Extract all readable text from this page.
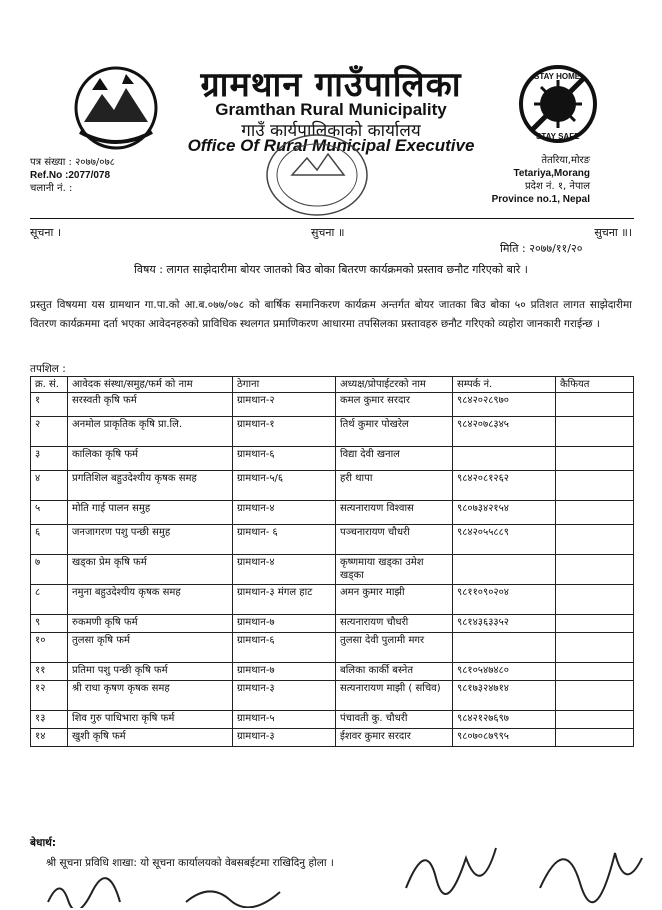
STAY HOME
STAY SAFE
ग्रामथान गाउँपालिका
Gramthan Rural Municipality
गाउँ कार्यपालिकाको कार्यालय
Office Of Rural Municipal Executive
पत्र संख्या : २०७७/०७८
Ref.No :2077/078
चलानी नं. :
तेतरिया,मोरङ
Tetariya,Morang
प्रदेश नं. १, नेपाल
Province no.1, Nepal
सूचना ।	सुचना ॥	सुचना ॥।
मिति : २०७७/११/२०
विषय : लागत साझेदारीमा बोयर जातको बिउ बोका बितरण कार्यक्रमको प्रस्ताव छनौट गरिएको बारे ।
प्रस्तुत विषयमा यस ग्रामथान गा.पा.को आ.ब.०७७/०७८ को बार्षिक समानिकरण कार्यक्रम अन्तर्गत बोयर जातका बिउ बोका ५० प्रतिशत लागत साझेदारीमा वितरण कार्यक्रममा दर्ता भएका आवेदनहरुको प्राविधिक स्थलगत प्रमाणिकरण आधारमा तपसिलका प्रस्तावहरु छनौट गरिएको व्यहोरा जानकारी गराईन्छ ।
तपशिल :
क्र. सं.	आवेदक संस्था/समुह/फर्म को नाम	ठेगाना	अध्यक्ष/प्रोपाईटरको नाम	सम्पर्क नं.	कैफियत
१	सरस्वती कृषि फर्म	ग्रामथान-२	कमल कुमार सरदार	९८४२०२८९७०	
२	अनमोल प्राकृतिक कृषि प्रा.लि.	ग्रामथान-१	तिर्थ कुमार पोखरेल	९८४२०७८३४५	
३	कालिका कृषि फर्म	ग्रामथान-६	विद्या देवी खनाल		
४	प्रगतिशिल बहुउदेश्यीय कृषक समह	ग्रामथान-५/६	हरी थापा	९८४२०८१२६२	
५	मोति गाई पालन समुह	ग्रामथान-४	सत्यनारायण विश्वास	९८०७३४२१५४	
६	जनजागरण पशु पन्छी समुह	ग्रामथान- ६	पञ्चनारायण चौधरी	९८४२०५५८८९	
७	खड्का प्रेम कृषि फर्म	ग्रामथान-४	कृष्णमाया खड्का उमेश खड्का		
८	नमुना बहुउदेश्यीय कृषक समह	ग्रामथान-३ मंगल हाट	अमन कुमार माझी	९८११०९०२०४	
९	रुकमणी कृषि फर्म	ग्रामथान-७	सत्यनारायण चौधरी	९८१४३६३३५२	
१०	तुलसा कृषि फर्म	ग्रामथान-६	तुलसा देवी पुलामी मगर		
११	प्रतिमा पशु पन्छी कृषि फर्म	ग्रामथान-७	बलिका कार्की बस्नेत	९८१०५४७४८०	
१२	श्री राधा कृषण कृषक समह	ग्रामथान-३	सत्यनारायण माझी ( सचिव)	९८१७३२४७१४	
१३	शिव गुरु पाधिभारा कृषि फर्म	ग्रामथान-५	पंचावती कु. चौधरी	९८४२१२७६९७	
१४	खुशी कृषि फर्म	ग्रामथान-३	ईशवर कुमार सरदार	९८०७०८७९९५	
बेधार्थ:
श्री सूचना प्रविधि शाखा: यो सूचना कार्यालयको वेबसबईटमा राखिदिनु होला ।
